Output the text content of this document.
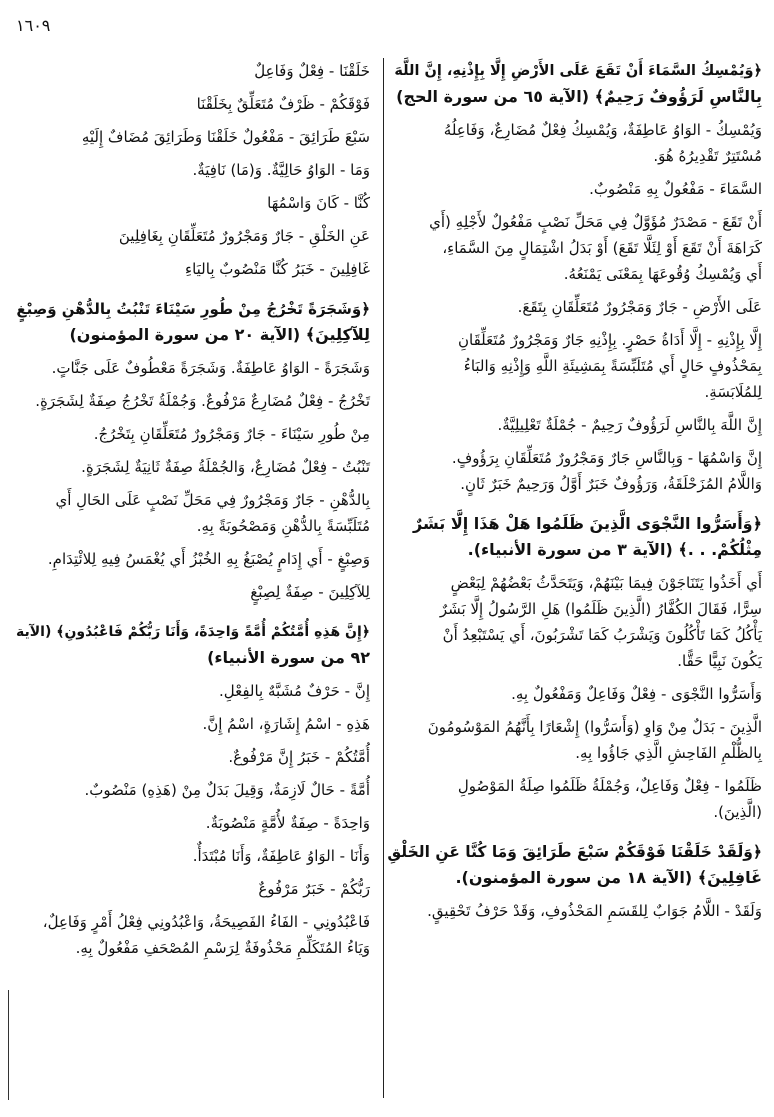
١٦٠٩
﴿وَيُمْسِكُ السَّمَاءَ أَنْ تَقَعَ عَلَى الأَرْضِ إِلَّا بِإِذْنِهِ، إِنَّ اللَّهَ
بِالنَّاسِ لَرَؤُوفٌ رَحِيمٌ﴾ (الآية ٦٥ من سورة الحج)
وَيُمْسِكُ - الوَاوُ عَاطِفَةٌ، وَيُمْسِكُ فِعْلٌ مُضَارِعٌ، وَفَاعِلُهُ
مُسْتَتِرٌ تَقْدِيرُهُ هُوَ.
السَّمَاءَ - مَفْعُولٌ بِهِ مَنْصُوبٌ.
أَنْ تَقَعَ - مَصْدَرٌ مُؤَوَّلٌ فِي مَحَلِّ نَصْبٍ مَفْعُولٌ لأَجْلِهِ (أَي
كَرَاهَةَ أَنْ تَقَعَ أَوْ لِئَلَّا تَقَعَ) أَوْ بَدَلُ اشْتِمَالٍ مِنَ السَّمَاءِ،
أَي وَيُمْسِكُ وُقُوعَهَا بِمَعْنَى يَمْنَعُهُ.
عَلَى الأَرْضِ - جَارٌ وَمَجْرُورٌ مُتَعَلِّقَانِ بِتَقَعَ.
إِلَّا بِإِذْنِهِ - إِلَّا أَدَاةُ حَصْرٍ. بِإِذْنِهِ جَارٌ وَمَجْرُورٌ مُتَعَلِّقَانِ
بِمَحْذُوفٍ حَالٍ أَي مُتَلَبِّسَةً بِمَشِيئَةِ اللَّهِ وَإِذْنِهِ وَالبَاءُ
لِلمُلَابَسَةِ.
إِنَّ اللَّهَ بِالنَّاسِ لَرَؤُوفٌ رَحِيمٌ - جُمْلَةٌ تَعْلِيلِيَّةٌ.
إِنَّ وَاسْمُهَا - وَبِالنَّاسِ جَارٌ وَمَجْرُورٌ مُتَعَلِّقَانِ بِرَؤُوفٍ.
وَاللَّامُ المُزَحْلَقَةُ، وَرَؤُوفٌ خَبَرٌ أَوَّلُ وَرَحِيمٌ خَبَرٌ ثَانٍ.
﴿وَأَسَرُّوا النَّجْوَى الَّذِينَ ظَلَمُوا هَلْ هَذَا إِلَّا بَشَرٌ
مِثْلُكُمْ. . .﴾ (الآية ٣ من سورة الأنبياء).
أَي أَخَذُوا يَتَنَاجَوْنَ فِيمَا بَيْنَهُمْ، وَيَتَحَدَّثُ بَعْضُهُمْ لِبَعْضٍ
سِرًّا، فَقَالَ الكُفَّارُ (الَّذِينَ ظَلَمُوا) هَلِ الرَّسُولُ إِلَّا بَشَرٌ
يَأْكُلُ كَمَا تَأْكُلُونَ وَيَشْرَبُ كَمَا تَشْرَبُونَ، أَي يَسْتَبْعِدُ أَنْ
يَكُونَ نَبِيًّا حَقًّا.
وَأَسَرُّوا النَّجْوَى - فِعْلٌ وَفَاعِلٌ وَمَفْعُولٌ بِهِ.
الَّذِينَ - بَدَلٌ مِنْ وَاوِ (وَأَسَرُّوا) إِشْعَارًا بِأَنَّهُمُ المَوْسُومُونَ
بِالظُّلْمِ الفَاحِشِ الَّذِي جَاؤُوا بِهِ.
ظَلَمُوا - فِعْلٌ وَفَاعِلٌ، وَجُمْلَةُ ظَلَمُوا صِلَةُ المَوْصُولِ
(الَّذِينَ).
﴿وَلَقَدْ خَلَقْنَا فَوْقَكُمْ سَبْعَ طَرَائِقَ وَمَا كُنَّا عَنِ الخَلْقِ
غَافِلِينَ﴾ (الآية ١٨ من سورة المؤمنون).
وَلَقَدْ - اللَّامُ جَوَابٌ لِلقَسَمِ المَحْذُوفِ، وَقَدْ حَرْفُ تَحْقِيقٍ.
خَلَقْنَا - فِعْلٌ وَفَاعِلٌ
فَوْقَكُمْ - ظَرْفٌ مُتَعَلِّقٌ بِخَلَقْنَا
سَبْعَ طَرَائِقَ - مَفْعُولٌ خَلَقْنَا وَطَرَائِقَ مُضَافٌ إِلَيْهِ
وَمَا - الوَاوُ حَالِيَّةٌ. وَ(مَا) نَافِيَةٌ.
كُنَّا - كَانَ وَاسْمُهَا
عَنِ الخَلْقِ - جَارٌ وَمَجْرُورٌ مُتَعَلِّقَانِ بِغَافِلِينَ
غَافِلِينَ - خَبَرُ كُنَّا مَنْصُوبٌ بِاليَاءِ
﴿وَشَجَرَةً تَخْرُجُ مِنْ طُورِ سَيْنَاءَ تَنْبُتُ بِالدُّهْنِ وَصِبْغٍ
لِلآكِلِينَ﴾ (الآية ٢٠ من سورة المؤمنون)
وَشَجَرَةً - الوَاوُ عَاطِفَةٌ. وَشَجَرَةً مَعْطُوفٌ عَلَى جَنَّاتٍ.
تَخْرُجُ - فِعْلٌ مُضَارِعٌ مَرْفُوعٌ. وَجُمْلَةُ تَخْرُجُ صِفَةٌ لِشَجَرَةٍ.
مِنْ طُورِ سَيْنَاءَ - جَارٌ وَمَجْرُورٌ مُتَعَلِّقَانِ بِتَخْرُجُ.
تَنْبُتُ - فِعْلٌ مُضَارِعٌ، وَالجُمْلَةُ صِفَةٌ ثَانِيَةٌ لِشَجَرَةٍ.
بِالدُّهْنِ - جَارٌ وَمَجْرُورٌ فِي مَحَلِّ نَصْبٍ عَلَى الحَالِ أَي
مُتَلَبِّسَةً بِالدُّهْنِ وَمَصْحُوبَةً بِهِ.
وَصِبْغٍ - أَي إِدَامٍ يُصْبَغُ بِهِ الخُبْزُ أَي يُغْمَسُ فِيهِ لِلائْتِدَامِ.
لِلآكِلِينَ - صِفَةٌ لِصِبْغٍ
﴿إِنَّ هَذِهِ أُمَّتُكُمْ أُمَّةً وَاحِدَةً، وَأَنَا رَبُّكُمْ فَاعْبُدُونِ﴾ (الآية
٩٢ من سورة الأنبياء)
إِنَّ - حَرْفٌ مُشَبَّهٌ بِالفِعْلِ.
هَذِهِ - اسْمُ إِشَارَةٍ، اسْمُ إِنَّ.
أُمَّتُكُمْ - خَبَرُ إِنَّ مَرْفُوعٌ.
أُمَّةً - حَالٌ لَازِمَةٌ، وَقِيلَ بَدَلٌ مِنْ (هَذِهِ) مَنْصُوبٌ.
وَاحِدَةً - صِفَةٌ لأُمَّةٍ مَنْصُوبَةٌ.
وَأَنَا - الوَاوُ عَاطِفَةٌ، وَأَنَا مُبْتَدَأٌ.
رَبُّكُمْ - خَبَرٌ مَرْفُوعٌ
فَاعْبُدُونِي - الفَاءُ الفَصِيحَةُ، وَاعْبُدُونِي فِعْلُ أَمْرٍ وَفَاعِلٌ،
وَيَاءُ المُتَكَلِّمِ مَحْذُوفَةٌ لِرَسْمِ المُصْحَفِ مَفْعُولٌ بِهِ.
